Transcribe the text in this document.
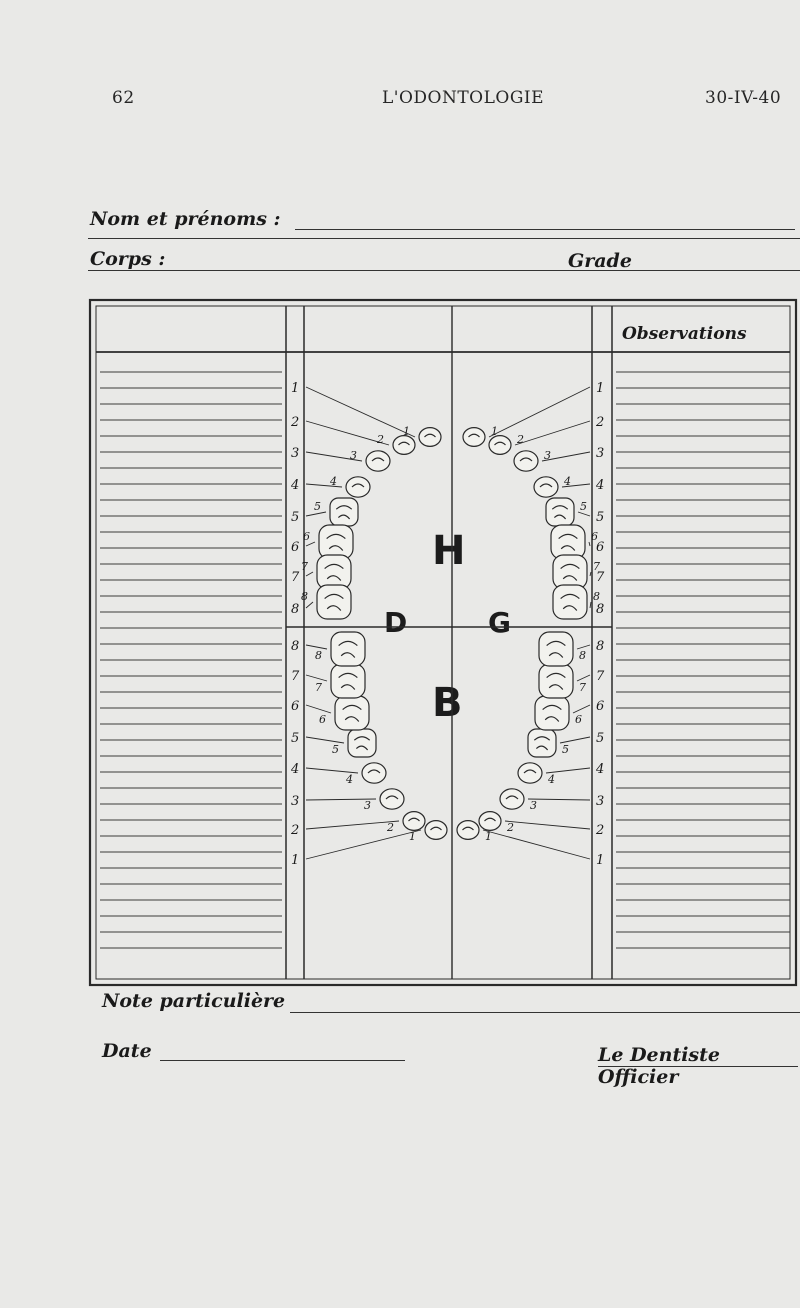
62	L'ODONTOLOGIE	30-IV-40
Nom et prénoms :
Corps :	Grade
Observations
H
D	G
B
Note particulière
Date	Le Dentiste Officier
1	1
1	1
1	1
1	1
2	2
2	2
2	2
2	2
3	3
3	3
3	3
3	3
4	4
4	4
4	4
4	4
5	5
5	5
5	5
5	5
6	6
6	6
6	6
6	6
7	7
7	7
7	7
7	7
8	8
8	8
8	8
8	8
